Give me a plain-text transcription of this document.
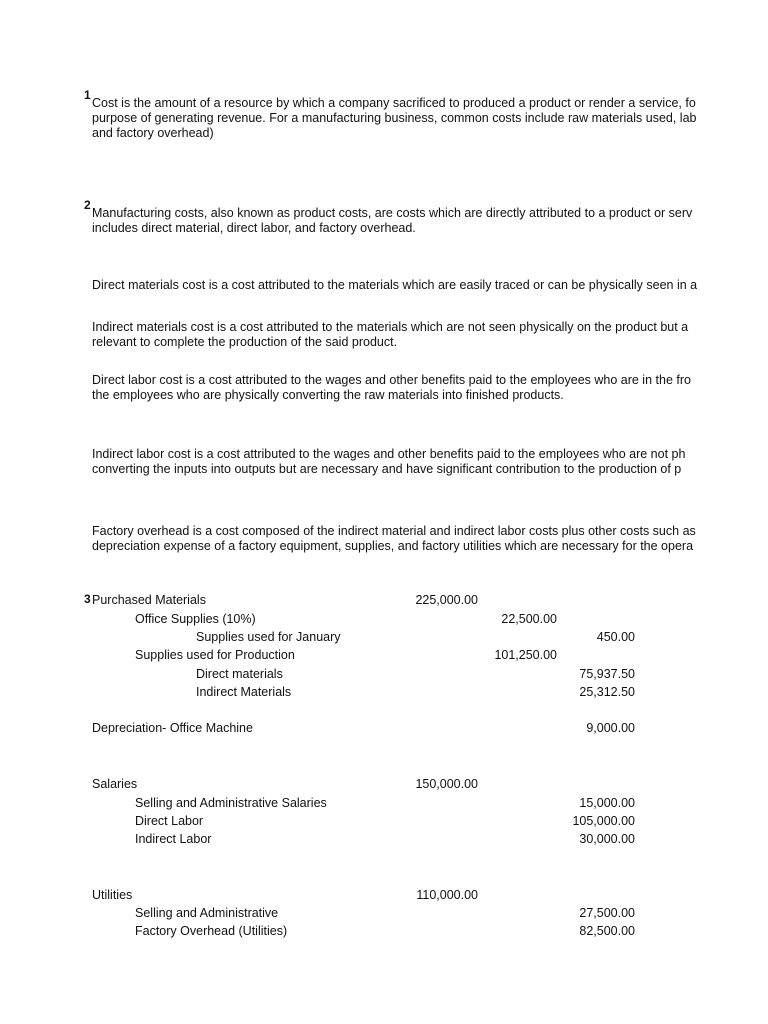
1
Cost is the amount of a resource by which a company sacrificed to produced a product or render a service, fo
purpose of generating revenue. For a manufacturing business, common costs include raw materials used, lab
and factory overhead)
2
Manufacturing costs, also known as product costs, are costs which are directly attributed to a product or serv
includes direct material, direct labor, and factory overhead.
Direct materials cost is a cost attributed to the materials which are easily traced or can be physically seen in a
Indirect materials cost is a cost attributed to the materials which are not seen physically on the product but a
relevant to complete the production of the said product.
Direct labor cost is a cost attributed to the wages and other benefits paid to the employees who are in the fro
the employees who are physically converting the raw materials into finished products.
Indirect labor cost is a cost attributed to the wages and other benefits paid to the employees who are not ph
converting the inputs into outputs but are necessary and have significant contribution to the production of p
Factory overhead is a cost composed of the indirect material and indirect labor costs plus other costs such as
depreciation expense of a factory equipment, supplies, and factory utilities which are necessary for the opera
3 Purchased Materials	225,000.00
Office Supplies (10%)	22,500.00
Supplies used for January	450.00
Supplies used for Production	101,250.00
Direct materials	75,937.50
Indirect Materials	25,312.50
Depreciation- Office Machine	9,000.00
Salaries	150,000.00
Selling and Administrative Salaries	15,000.00
Direct Labor	105,000.00
Indirect Labor	30,000.00
Utilities	110,000.00
Selling and Administrative	27,500.00
Factory Overhead (Utilities)	82,500.00
